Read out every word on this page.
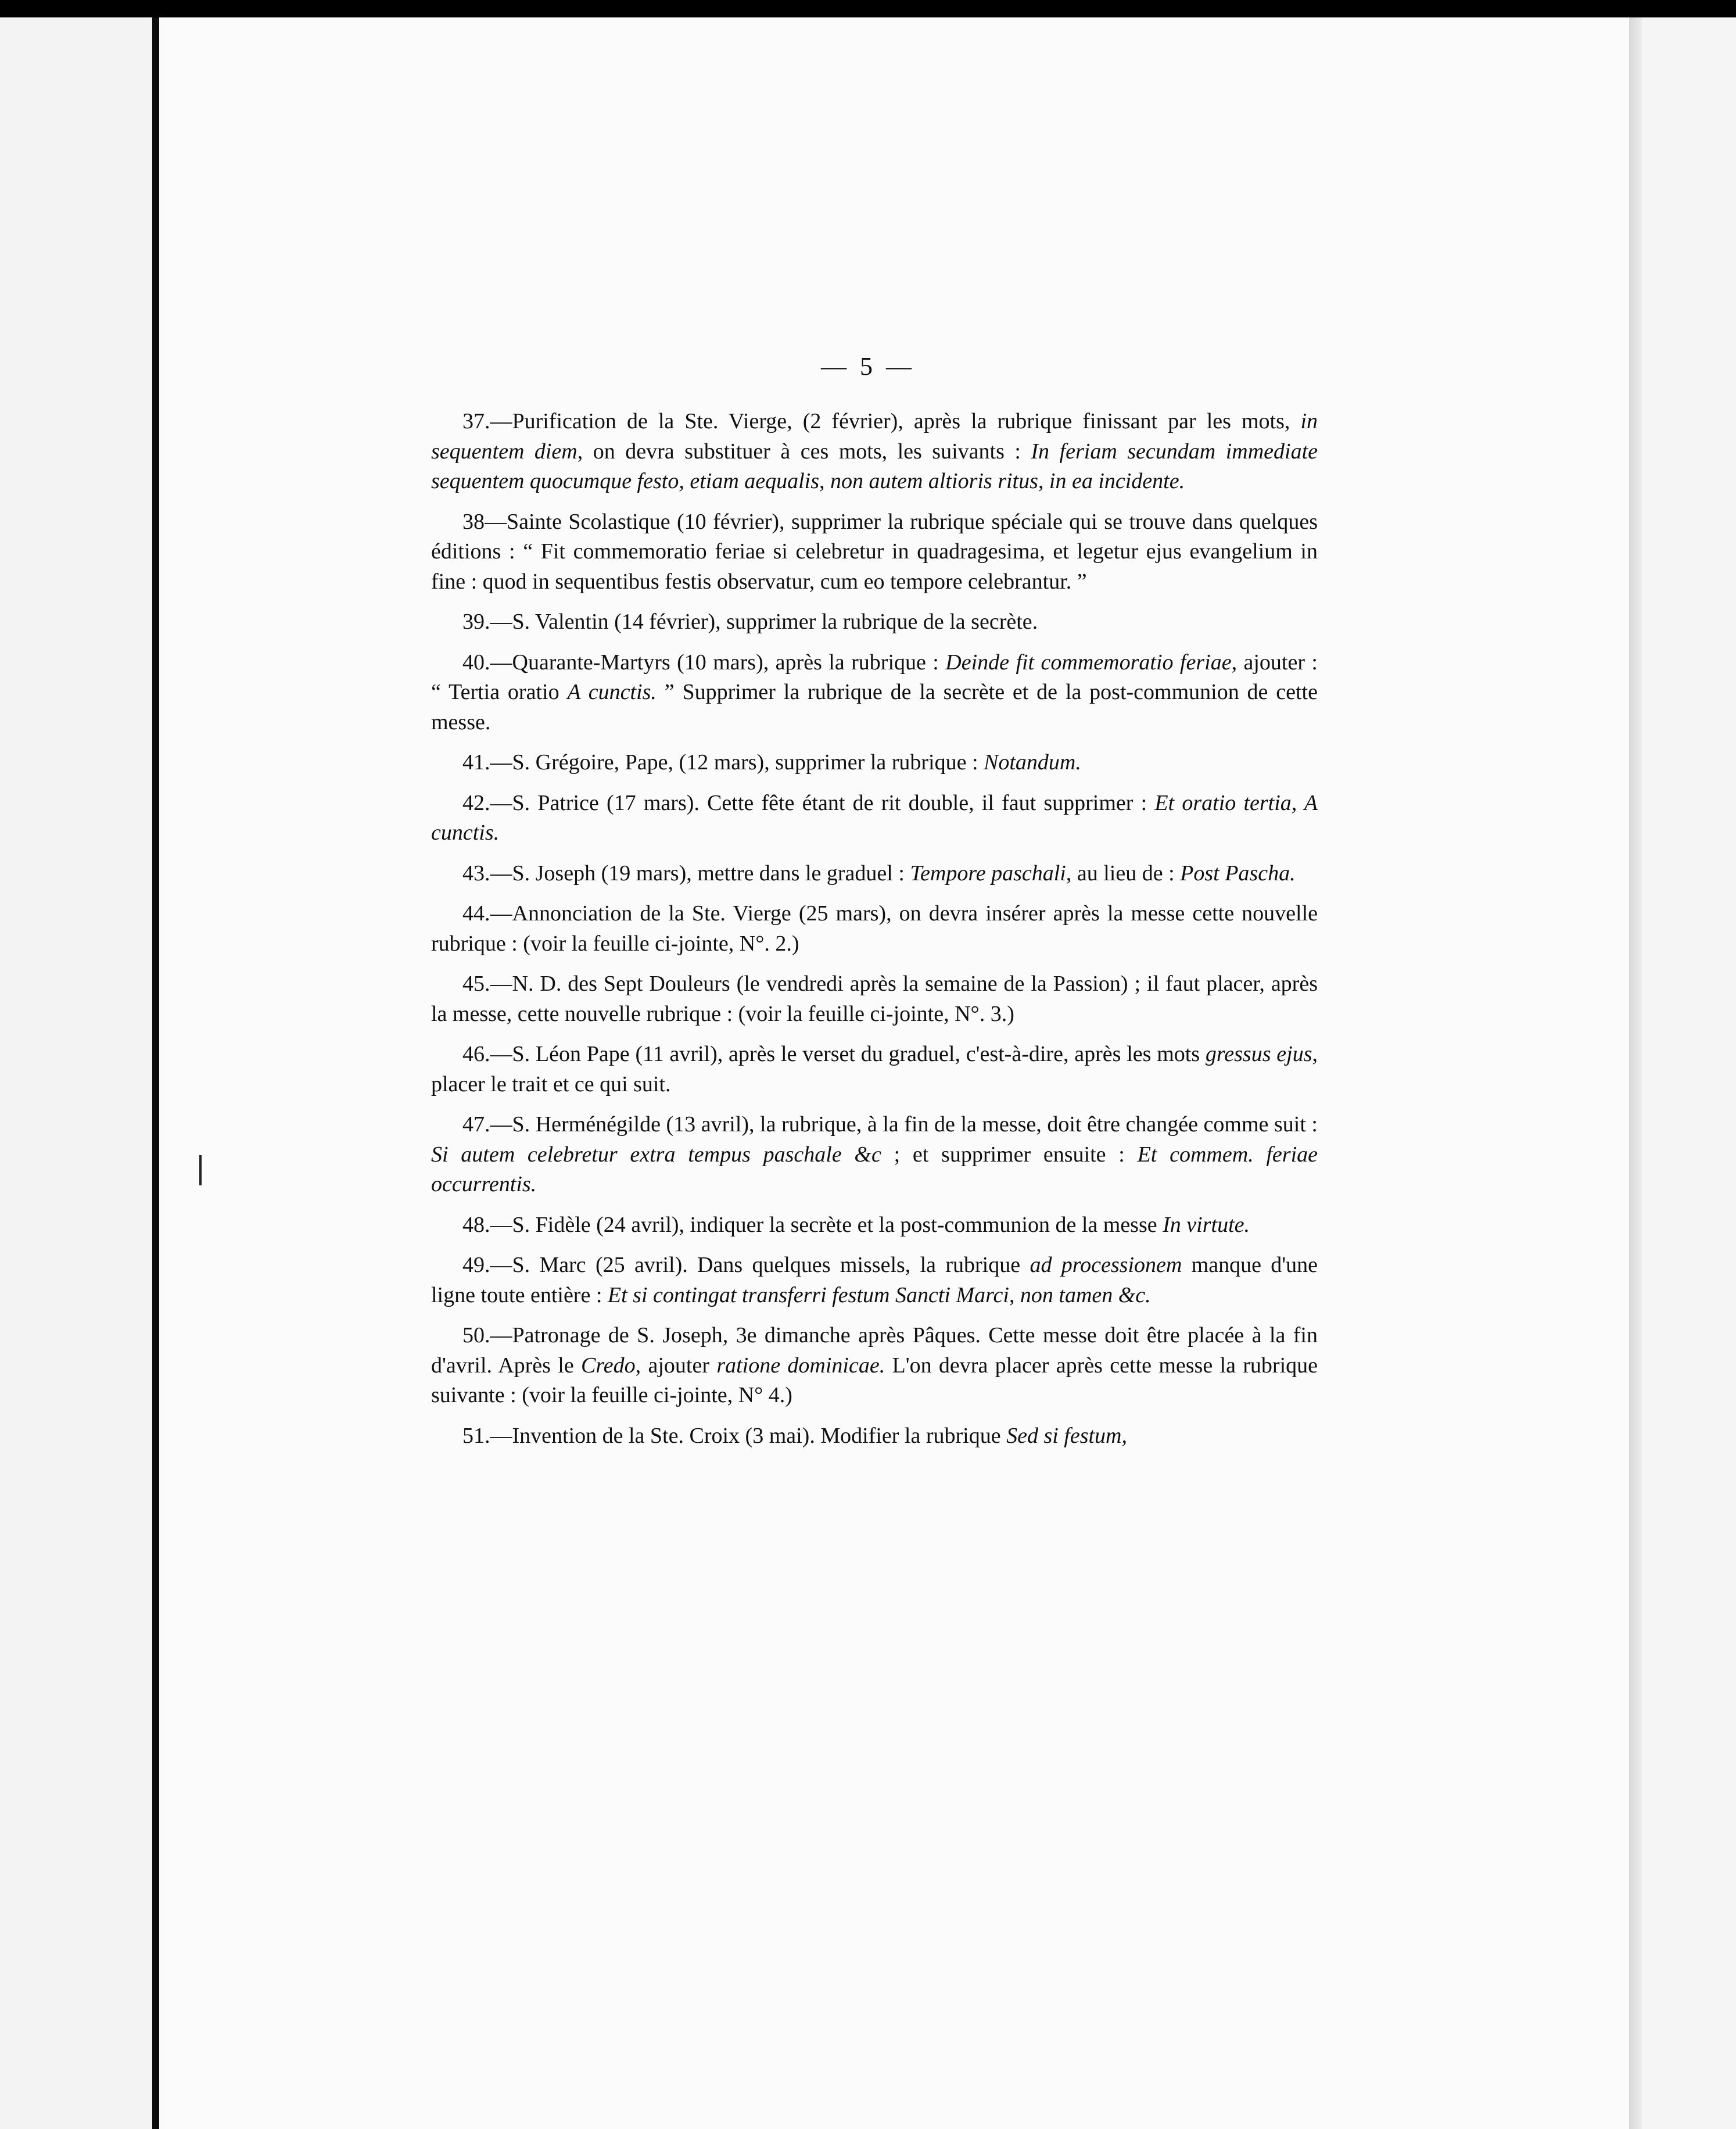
— 5 —

37.—Purification de la Ste. Vierge, (2 février), après la rubrique finissant par les mots, in sequentem diem, on devra substituer à ces mots, les suivants : In feriam secundam immediate sequentem quocumque festo, etiam aequalis, non autem altioris ritus, in ea incidente.

38—Sainte Scolastique (10 février), supprimer la rubrique spéciale qui se trouve dans quelques éditions : “ Fit commemoratio feriae si celebretur in quadragesima, et legetur ejus evangelium in fine : quod in sequentibus festis observatur, cum eo tempore celebrantur. ”

39.—S. Valentin (14 février), supprimer la rubrique de la secrète.

40.—Quarante-Martyrs (10 mars), après la rubrique : Deinde fit commemoratio feriae, ajouter : “ Tertia oratio A cunctis. ” Supprimer la rubrique de la secrète et de la post-communion de cette messe.

41.—S. Grégoire, Pape, (12 mars), supprimer la rubrique : Notandum.

42.—S. Patrice (17 mars). Cette fête étant de rit double, il faut supprimer : Et oratio tertia, A cunctis.

43.—S. Joseph (19 mars), mettre dans le graduel : Tempore paschali, au lieu de : Post Pascha.

44.—Annonciation de la Ste. Vierge (25 mars), on devra insérer après la messe cette nouvelle rubrique : (voir la feuille ci-jointe, N°. 2.)

45.—N. D. des Sept Douleurs (le vendredi après la semaine de la Passion) ; il faut placer, après la messe, cette nouvelle rubrique : (voir la feuille ci-jointe, N°. 3.)

46.—S. Léon Pape (11 avril), après le verset du graduel, c'est-à-dire, après les mots gressus ejus, placer le trait et ce qui suit.

47.—S. Herménégilde (13 avril), la rubrique, à la fin de la messe, doit être changée comme suit : Si autem celebretur extra tempus paschale &c ; et supprimer ensuite : Et commem. feriae occurrentis.

48.—S. Fidèle (24 avril), indiquer la secrète et la post-communion de la messe In virtute.

49.—S. Marc (25 avril). Dans quelques missels, la rubrique ad processionem manque d'une ligne toute entière : Et si contingat transferri festum Sancti Marci, non tamen &c.

50.—Patronage de S. Joseph, 3e dimanche après Pâques. Cette messe doit être placée à la fin d'avril. Après le Credo, ajouter ratione dominicae. L'on devra placer après cette messe la rubrique suivante : (voir la feuille ci-jointe, N° 4.)

51.—Invention de la Ste. Croix (3 mai). Modifier la rubrique Sed si festum,
